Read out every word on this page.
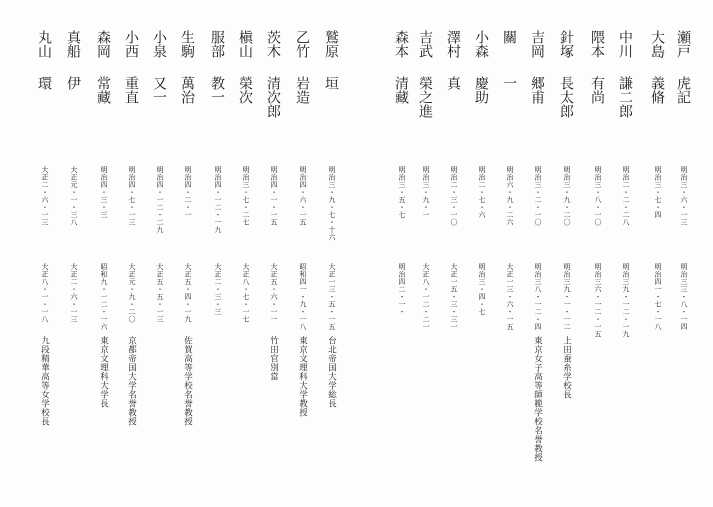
瀬戸
虎記
明治三・六・一三
明治三三・八・一四
大島
義脩
明治三・七・四
明治四一・七・一八
中川
謙二郎
明治二・二・二八
明治三九・一二・一九
隈本
有尚
明治三・八・一〇
明治三六・一二・一五
針塚
長太郎
明治三・九・二〇
明治三九・一・一二
上田蚕糸学校長
吉岡
郷甫
明治三・二・一〇
明治三八・一二・四
東京女子高等師範学校名誉教授
關
一
明治六・九・二六
大正一三・六・一五
小森
慶助
明治二・七・六
明治三・四・七
澤村
真
明治二・三・一〇
大正一五・三・三一
吉武
榮之進
明治三・九・一
大正八・一二・二一
森本
清藏
明治三・五・七
明治四二・一・
鷲原
垣
明治三・九・七・十六
大正一三・五・一五
台北帝国大学総長
乙竹
岩造
明治四・六・一五
昭和四一・九・一八
東京文理科大学教授
茨木
清次郎
明治四・一・一五
大正五・六・一一
竹田官別當
槇山
榮次
明治三・七・二七
大正八・七・一七
服部
教一
明治四・一二・一九
大正二・三・三
生駒
萬治
明治四・二・一
大正五・四・一九
佐賀高等学校名誉教授
小泉
又一
明治四・一二・二九
大正五・五・一三
小西
重直
明治四・七・一三
大正元・九・二〇
京都帝国大学名誉教授
森岡
常藏
明治四・三・三
昭和九・一二・一六
東京文理科大学長
真船
伊
大正元・一・三八
大正二・六・一三
丸山
環
大正二・六・一三
大正八・一・一八
九段精華高等女学校長
